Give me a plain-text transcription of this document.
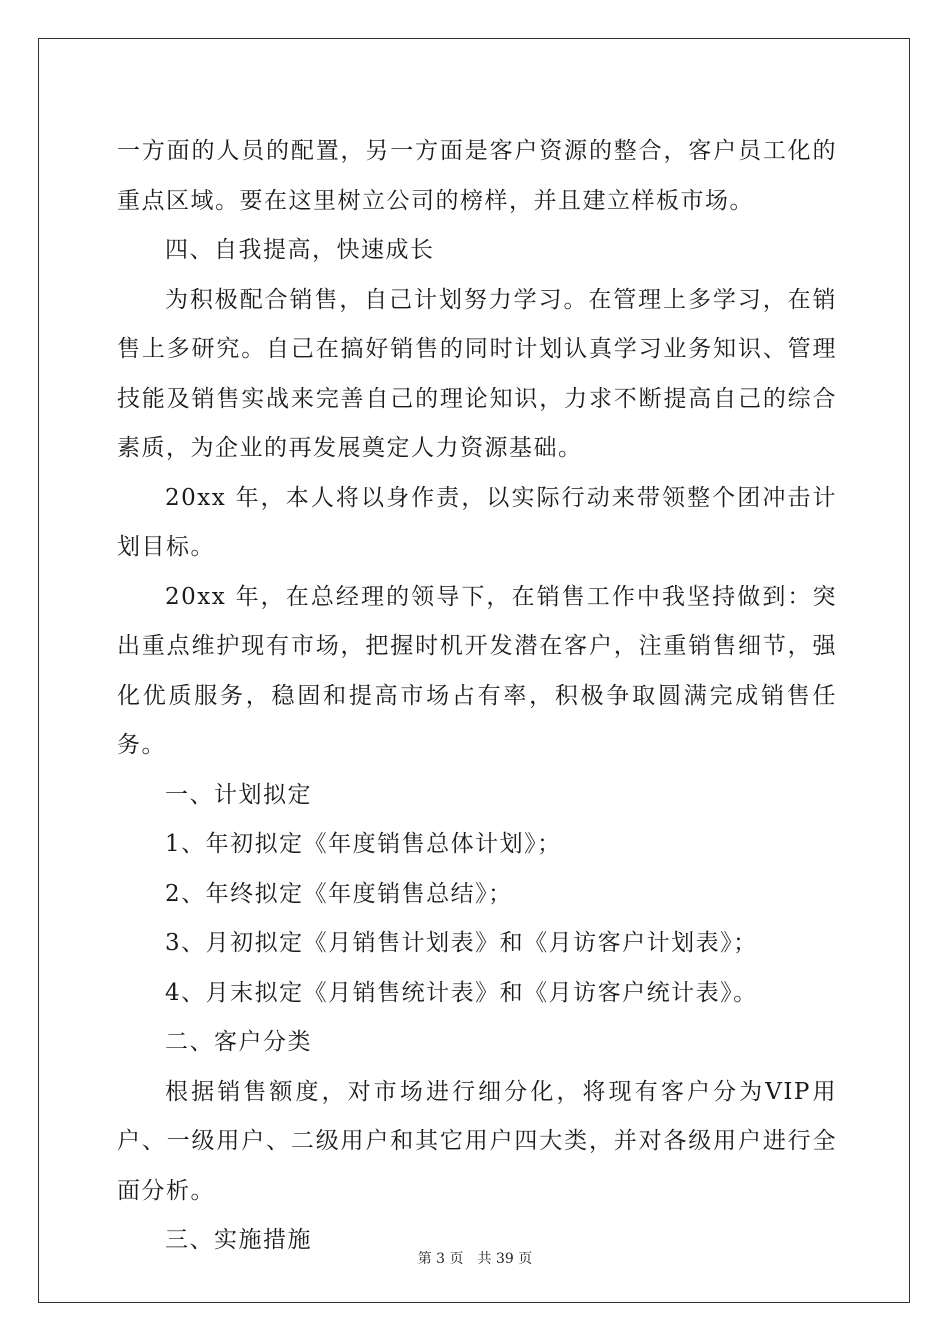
一方面的人员的配置，另一方面是客户资源的整合，客户员工化的重点区域。要在这里树立公司的榜样，并且建立样板市场。

四、自我提高，快速成长

为积极配合销售，自己计划努力学习。在管理上多学习，在销售上多研究。自己在搞好销售的同时计划认真学习业务知识、管理技能及销售实战来完善自己的理论知识，力求不断提高自己的综合素质，为企业的再发展奠定人力资源基础。

20xx 年，本人将以身作责，以实际行动来带领整个团冲击计划目标。

20xx 年，在总经理的领导下，在销售工作中我坚持做到：突出重点维护现有市场，把握时机开发潜在客户，注重销售细节，强化优质服务，稳固和提高市场占有率，积极争取圆满完成销售任务。

一、计划拟定

1、年初拟定《年度销售总体计划》；

2、年终拟定《年度销售总结》；

3、月初拟定《月销售计划表》和《月访客户计划表》；

4、月末拟定《月销售统计表》和《月访客户统计表》。

二、客户分类

根据销售额度，对市场进行细分化，将现有客户分为VIP用户、一级用户、二级用户和其它用户四大类，并对各级用户进行全面分析。

三、实施措施

第 3 页　共 39 页
